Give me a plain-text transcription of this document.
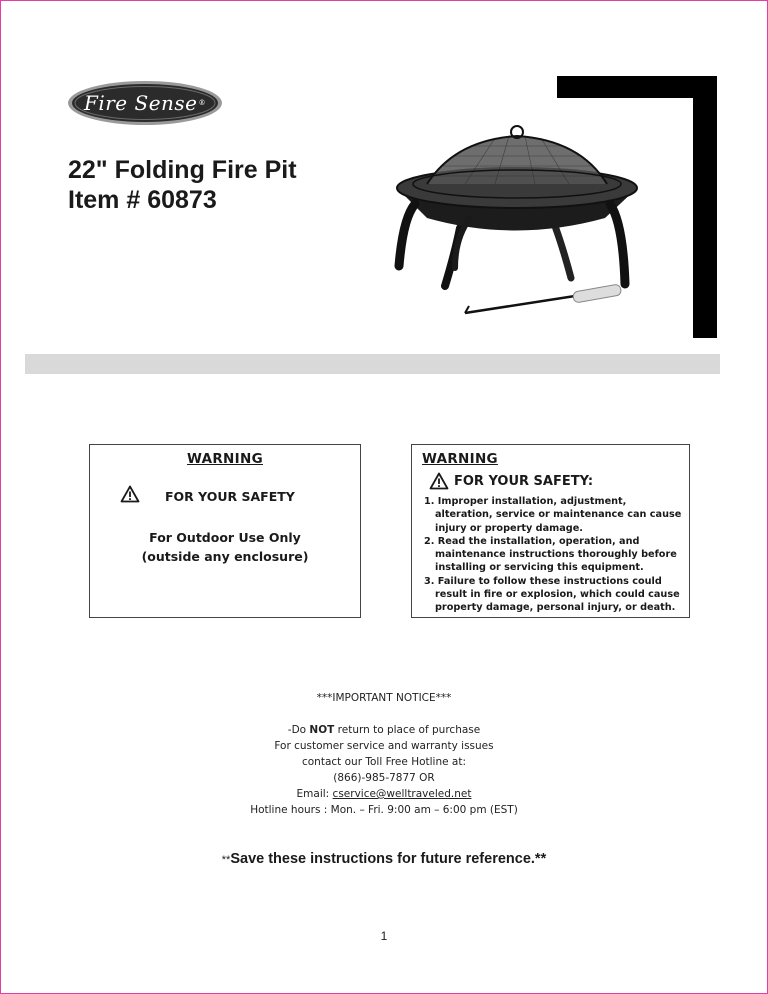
Fire Sense ®
22" Folding Fire Pit
Item # 60873
WARNING
FOR YOUR SAFETY
For Outdoor Use Only
(outside any enclosure)
WARNING
FOR YOUR SAFETY:
1. Improper installation, adjustment, alteration, service or maintenance can cause injury or property damage.
2. Read the installation, operation, and maintenance instructions thoroughly before installing or servicing this equipment.
3. Failure to follow these instructions could result in fire or explosion, which could cause property damage, personal injury, or death.
***IMPORTANT NOTICE***
-Do NOT return to place of purchase
For customer service and warranty issues
contact our Toll Free Hotline at:
(866)-985-7877 OR
Email: cservice@welltraveled.net
Hotline hours : Mon. – Fri. 9:00 am – 6:00 pm (EST)
**Save these instructions for future reference.**
1
